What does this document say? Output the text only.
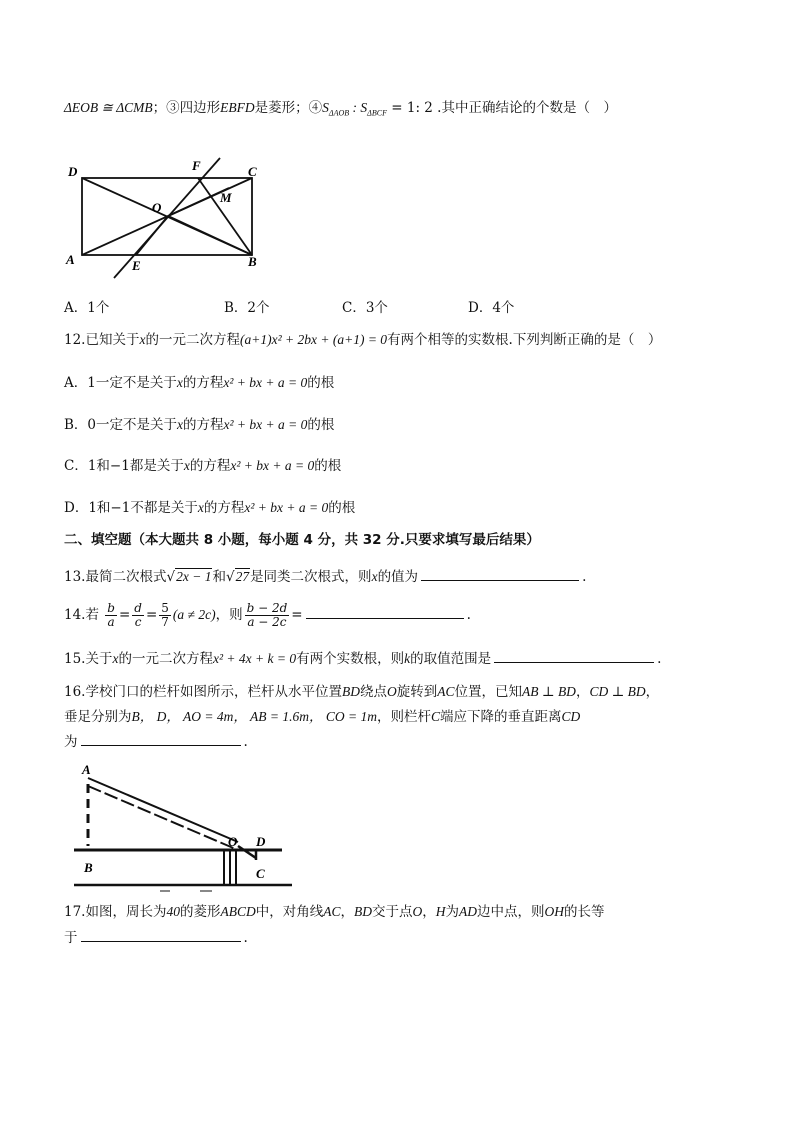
ΔEOB ≅ ΔCMB；③四边形EBFD是菱形；$④S_{\Delta AOB}$ : $S_{\Delta BCF} = 1$: 2 .其中正确结论的个数是（　）
D	F	C
O
M
A	E	B
A．1个	B．2个	C．3个	D．4个
12.已知关于x的一元二次方程(a+1)x² + 2bx + (a+1) = 0有两个相等的实数根.下列判断正确的是（　）
A．1一定不是关于x的方程x² + bx + a = 0的根
B．0一定不是关于x的方程x² + bx + a = 0的根
C．1和−1都是关于x的方程x² + bx + a = 0的根
D．1和−1不都是关于x的方程x² + bx + a = 0的根
二、填空题（本大题共 8 小题，每小题 4 分，共 32 分.只要求填写最后结果）
13.最简二次根式√2x − 1和√27是同类二次根式，则x的值为	.
14.若 $\frac{b}{a} = \frac{d}{c} = \frac{5}{7} (a \ne 2c)$，则 $\frac{b - 2d}{a - 2c}$ =	.
15.关于x的一元二次方程x² + 4x + k = 0有两个实数根，则k的取值范围是	.
16.学校门口的栏杆如图所示，栏杆从水平位置BD绕点O旋转到AC位置，已知AB ⊥ BD，CD ⊥ BD，
垂足分别为B， D， AO = 4m， AB = 1.6m， CO = 1m，则栏杆C端应下降的垂直距离CD
为	.
A
B
O D
C
17.如图，周长为40的菱形ABCD中，对角线AC，BD交于点O，H为AD边中点，则OH的长等
于	.
